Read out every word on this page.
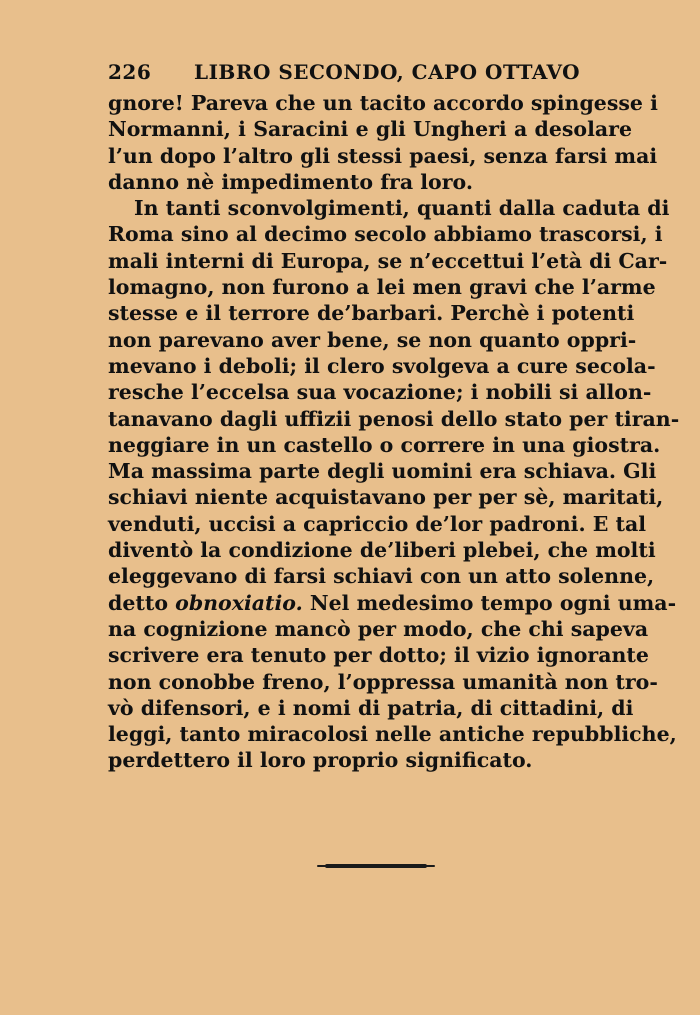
226	LIBRO SECONDO, CAPO OTTAVO
gnore! Pareva che un tacito accordo spingesse i
Normanni, i Saracini e gli Ungheri a desolare
l’un dopo l’altro gli stessi paesi, senza farsi mai
danno nè impedimento fra loro.
In tanti sconvolgimenti, quanti dalla caduta di
Roma sino al decimo secolo abbiamo trascorsi, i
mali interni di Europa, se n’eccettui l’età di Car-
lomagno, non furono a lei men gravi che l’arme
stesse e il terrore de’barbari. Perchè i potenti
non parevano aver bene, se non quanto oppri-
mevano i deboli; il clero svolgeva a cure secola-
resche l’eccelsa sua vocazione; i nobili si allon-
tanavano dagli uffizii penosi dello stato per tiran-
neggiare in un castello o correre in una giostra.
Ma massima parte degli uomini era schiava. Gli
schiavi niente acquistavano per per sè, maritati,
venduti, uccisi a capriccio de’lor padroni. E tal
diventò la condizione de’liberi plebei, che molti
eleggevano di farsi schiavi con un atto solenne,
detto obnoxiatio. Nel medesimo tempo ogni uma-
na cognizione mancò per modo, che chi sapeva
scrivere era tenuto per dotto; il vizio ignorante
non conobbe freno, l’oppressa umanità non tro-
vò difensori, e i nomi di patria, di cittadini, di
leggi, tanto miracolosi nelle antiche repubbliche,
perdettero il loro proprio significato.
